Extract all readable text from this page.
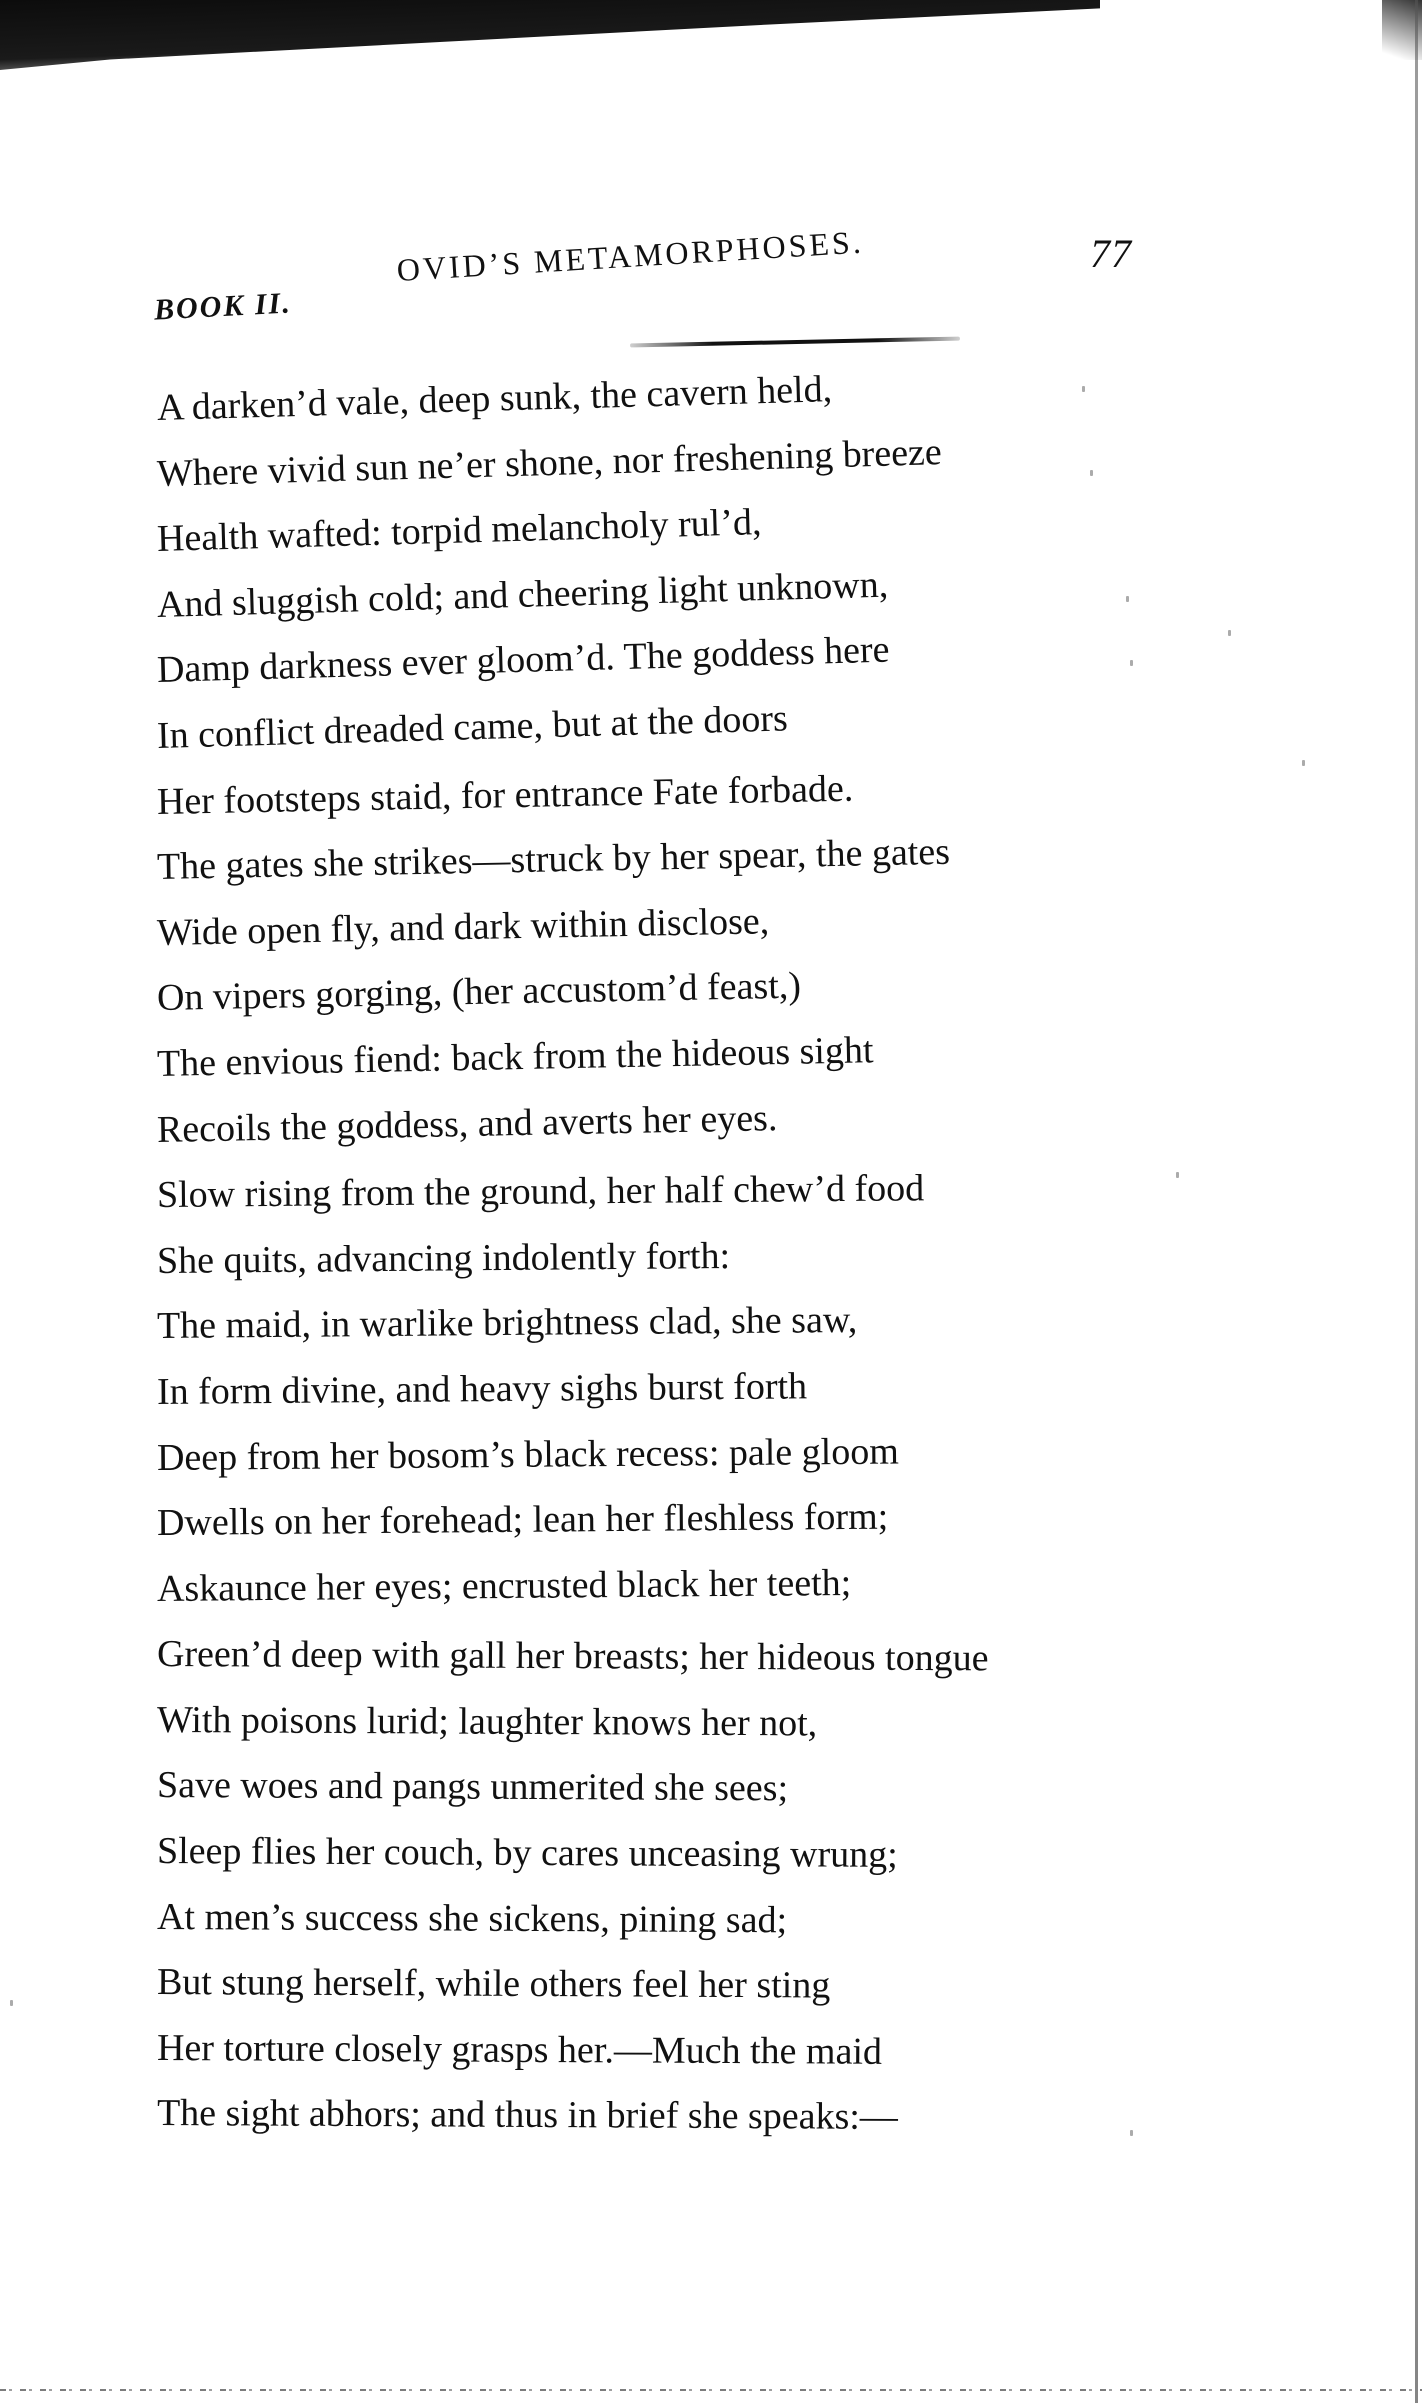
BOOK II.
OVID’S METAMORPHOSES.	77
A darken’d vale, deep sunk, the cavern held,
Where vivid sun ne’er shone, nor freshening breeze
Health wafted: torpid melancholy rul’d,
And sluggish cold; and cheering light unknown,
Damp darkness ever gloom’d. The goddess here
In conflict dreaded came, but at the doors
Her footsteps staid, for entrance Fate forbade.
The gates she strikes—struck by her spear, the gates
Wide open fly, and dark within disclose,
On vipers gorging, (her accustom’d feast,)
The envious fiend: back from the hideous sight
Recoils the goddess, and averts her eyes.
Slow rising from the ground, her half chew’d food
She quits, advancing indolently forth:
The maid, in warlike brightness clad, she saw,
In form divine, and heavy sighs burst forth
Deep from her bosom’s black recess: pale gloom
Dwells on her forehead; lean her fleshless form;
Askaunce her eyes; encrusted black her teeth;
Green’d deep with gall her breasts; her hideous tongue
With poisons lurid; laughter knows her not,
Save woes and pangs unmerited she sees;
Sleep flies her couch, by cares unceasing wrung;
At men’s success she sickens, pining sad;
But stung herself, while others feel her sting
Her torture closely grasps her.—Much the maid
The sight abhors; and thus in brief she speaks:—
